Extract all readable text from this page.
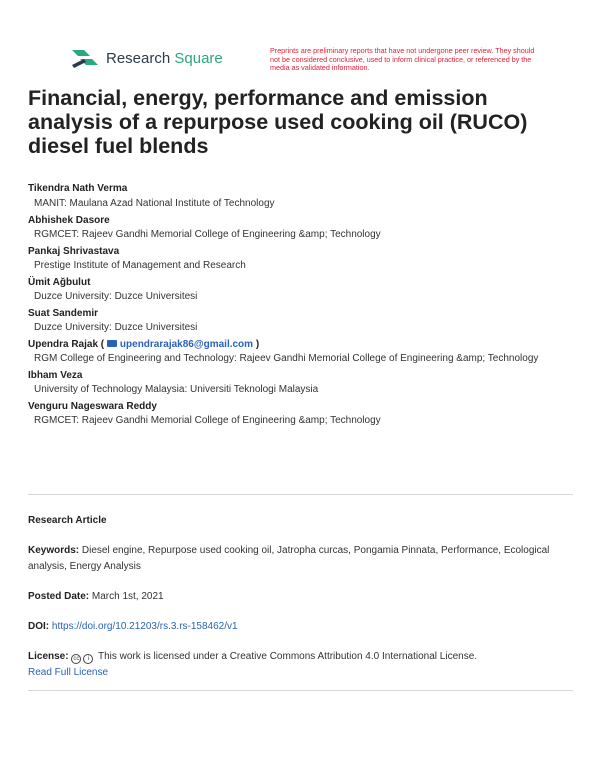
Research Square	Preprints are preliminary reports that have not undergone peer review. They should not be considered conclusive, used to inform clinical practice, or referenced by the media as validated information.
Financial, energy, performance and emission analysis of a repurpose used cooking oil (RUCO) diesel fuel blends
Tikendra Nath Verma
MANIT: Maulana Azad National Institute of Technology
Abhishek Dasore
RGMCET: Rajeev Gandhi Memorial College of Engineering &amp; Technology
Pankaj Shrivastava
Prestige Institute of Management and Research
Ümit Ağbulut
Duzce University: Duzce Universitesi
Suat Sandemir
Duzce University: Duzce Universitesi
Upendra Rajak ( upendrarajak86@gmail.com )
RGM College of Engineering and Technology: Rajeev Gandhi Memorial College of Engineering &amp; Technology
Ibham Veza
University of Technology Malaysia: Universiti Teknologi Malaysia
Venguru Nageswara Reddy
RGMCET: Rajeev Gandhi Memorial College of Engineering &amp; Technology
Research Article
Keywords: Diesel engine, Repurpose used cooking oil, Jatropha curcas, Pongamia Pinnata, Performance, Ecological analysis, Energy Analysis
Posted Date: March 1st, 2021
DOI: https://doi.org/10.21203/rs.3.rs-158462/v1
License: cc i This work is licensed under a Creative Commons Attribution 4.0 International License.
Read Full License
